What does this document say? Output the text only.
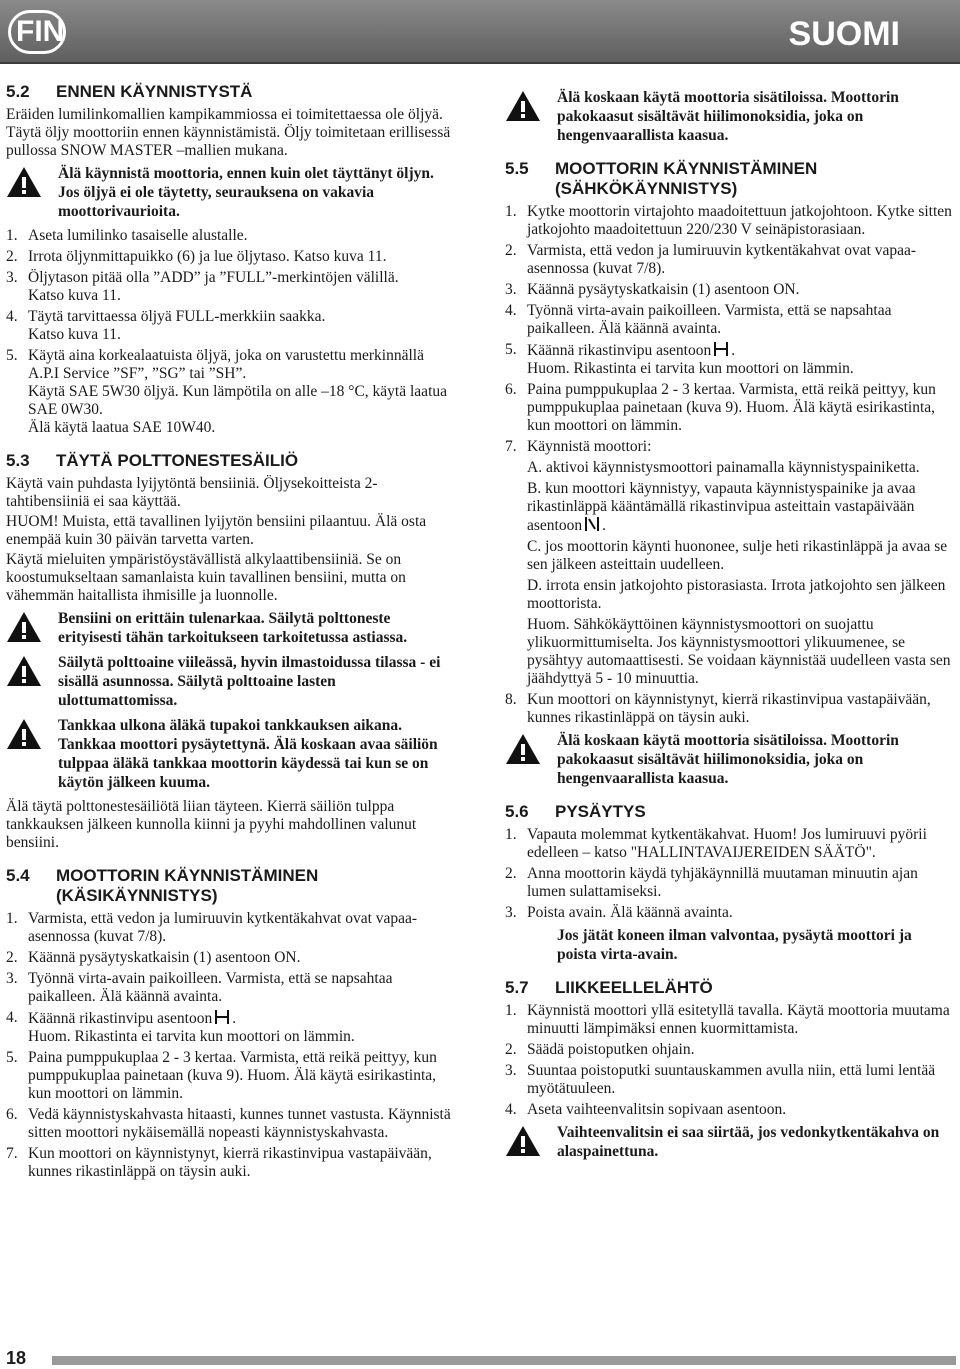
FIN	SUOMI
5.2	ENNEN KÄYNNISTYSTÄ
Eräiden lumilinkomallien kampikammiossa ei toimitettaessa ole öljyä. Täytä öljy moottoriin ennen käynnistämistä. Öljy toimitetaan erillisessä pullossa SNOW MASTER –mallien mukana.
Älä käynnistä moottoria, ennen kuin olet täyttänyt öljyn. Jos öljyä ei ole täytetty, seurauksena on vakavia moottorivaurioita.
1. Aseta lumilinko tasaiselle alustalle.
2. Irrota öljynmittapuikko (6) ja lue öljytaso. Katso kuva 11.
3. Öljytason pitää olla ”ADD” ja ”FULL”-merkintöjen välillä.
Katso kuva 11.
4. Täytä tarvittaessa öljyä FULL-merkkiin saakka.
Katso kuva 11.
5. Käytä aina korkealaatuista öljyä, joka on varustettu merkinnällä A.P.I Service ”SF”, ”SG” tai ”SH”.
Käytä SAE 5W30 öljyä. Kun lämpötila on alle –18 °C, käytä laatua SAE 0W30.
Älä käytä laatua SAE 10W40.
5.3	TÄYTÄ POLTTONESTESÄILIÖ
Käytä vain puhdasta lyijytöntä bensiiniä. Öljysekoitteista 2-tahtibensiiniä ei saa käyttää.
HUOM! Muista, että tavallinen lyijytön bensiini pilaantuu. Älä osta enempää kuin 30 päivän tarvetta varten.
Käytä mieluiten ympäristöystävällistä alkylaattibensiiniä. Se on koostumukseltaan samanlaista kuin tavallinen bensiini, mutta on vähemmän haitallista ihmisille ja luonnolle.
Bensiini on erittäin tulenarkaa. Säilytä polttoneste erityisesti tähän tarkoitukseen tarkoitetussa astiassa.
Säilytä polttoaine viileässä, hyvin ilmastoidussa tilassa - ei sisällä asunnossa. Säilytä polttoaine lasten ulottumattomissa.
Tankkaa ulkona äläkä tupakoi tankkauksen aikana. Tankkaa moottori pysäytettynä. Älä koskaan avaa säiliön tulppaa äläkä tankkaa moottorin käydessä tai kun se on käytön jälkeen kuuma.
Älä täytä polttonestesäiliötä liian täyteen. Kierrä säiliön tulppa tankkauksen jälkeen kunnolla kiinni ja pyyhi mahdollinen valunut bensiini.
5.4	MOOTTORIN KÄYNNISTÄMINEN (KÄSIKÄYNNISTYS)
1. Varmista, että vedon ja lumiruuvin kytkentäkahvat ovat vapaa-asennossa (kuvat 7/8).
2. Käännä pysäytyskatkaisin (1) asentoon ON.
3. Työnnä virta-avain paikoilleen. Varmista, että se napsahtaa paikalleen. Älä käännä avainta.
4. Käännä rikastinvipu asentoon .
Huom. Rikastinta ei tarvita kun moottori on lämmin.
5. Paina pumppukuplaa 2 - 3 kertaa. Varmista, että reikä peittyy, kun pumppukuplaa painetaan (kuva 9). Huom. Älä käytä esirikastinta, kun moottori on lämmin.
6. Vedä käynnistyskahvasta hitaasti, kunnes tunnet vastusta. Käynnistä sitten moottori nykäisemällä nopeasti käynnistyskahvasta.
7. Kun moottori on käynnistynyt, kierrä rikastinvipua vastapäivään, kunnes rikastinläppä on täysin auki.
Älä koskaan käytä moottoria sisätiloissa. Moottorin pakokaasut sisältävät hiilimonoksidia, joka on hengenvaarallista kaasua.
5.5	MOOTTORIN KÄYNNISTÄMINEN (SÄHKÖKÄYNNISTYS)
1. Kytke moottorin virtajohto maadoitettuun jatkojohtoon. Kytke sitten jatkojohto maadoitettuun 220/230 V seinäpistorasiaan.
2. Varmista, että vedon ja lumiruuvin kytkentäkahvat ovat vapaa-asennossa (kuvat 7/8).
3. Käännä pysäytyskatkaisin (1) asentoon ON.
4. Työnnä virta-avain paikoilleen. Varmista, että se napsahtaa paikalleen. Älä käännä avainta.
5. Käännä rikastinvipu asentoon .
Huom. Rikastinta ei tarvita kun moottori on lämmin.
6. Paina pumppukuplaa 2 - 3 kertaa. Varmista, että reikä peittyy, kun pumppukuplaa painetaan (kuva 9). Huom. Älä käytä esirikastinta, kun moottori on lämmin.
7. Käynnistä moottori:
A. aktivoi käynnistysmoottori painamalla käynnistyspainiketta.
B. kun moottori käynnistyy, vapauta käynnistyspainike ja avaa rikastinläppä kääntämällä rikastinvipua asteittain vastapäivään asentoon .
C. jos moottorin käynti huononee, sulje heti rikastinläppä ja avaa se sen jälkeen asteittain uudelleen.
D. irrota ensin jatkojohto pistorasiasta. Irrota jatkojohto sen jälkeen moottorista.
Huom. Sähkökäyttöinen käynnistysmoottori on suojattu ylikuormittumiselta. Jos käynnistysmoottori ylikuumenee, se pysähtyy automaattisesti. Se voidaan käynnistää uudelleen vasta sen jäähdyttyä 5 - 10 minuuttia.
8. Kun moottori on käynnistynyt, kierrä rikastinvipua vastapäivään, kunnes rikastinläppä on täysin auki.
Älä koskaan käytä moottoria sisätiloissa. Moottorin pakokaasut sisältävät hiilimonoksidia, joka on hengenvaarallista kaasua.
5.6	PYSÄYTYS
1. Vapauta molemmat kytkentäkahvat. Huom! Jos lumiruuvi pyörii edelleen – katso "HALLINTAVAIJEREIDEN SÄÄTÖ".
2. Anna moottorin käydä tyhjäkäynnillä muutaman minuutin ajan lumen sulattamiseksi.
3. Poista avain. Älä käännä avainta.
Jos jätät koneen ilman valvontaa, pysäytä moottori ja poista virta-avain.
5.7	LIIKKEELLELÄHTÖ
1. Käynnistä moottori yllä esitetyllä tavalla. Käytä moottoria muutama minuutti lämpimäksi ennen kuormittamista.
2. Säädä poistoputken ohjain.
3. Suuntaa poistoputki suuntauskammen avulla niin, että lumi lentää myötätuuleen.
4. Aseta vaihteenvalitsin sopivaan asentoon.
Vaihteenvalitsin ei saa siirtää, jos vedonkytkentäkahva on alaspainettuna.
18
